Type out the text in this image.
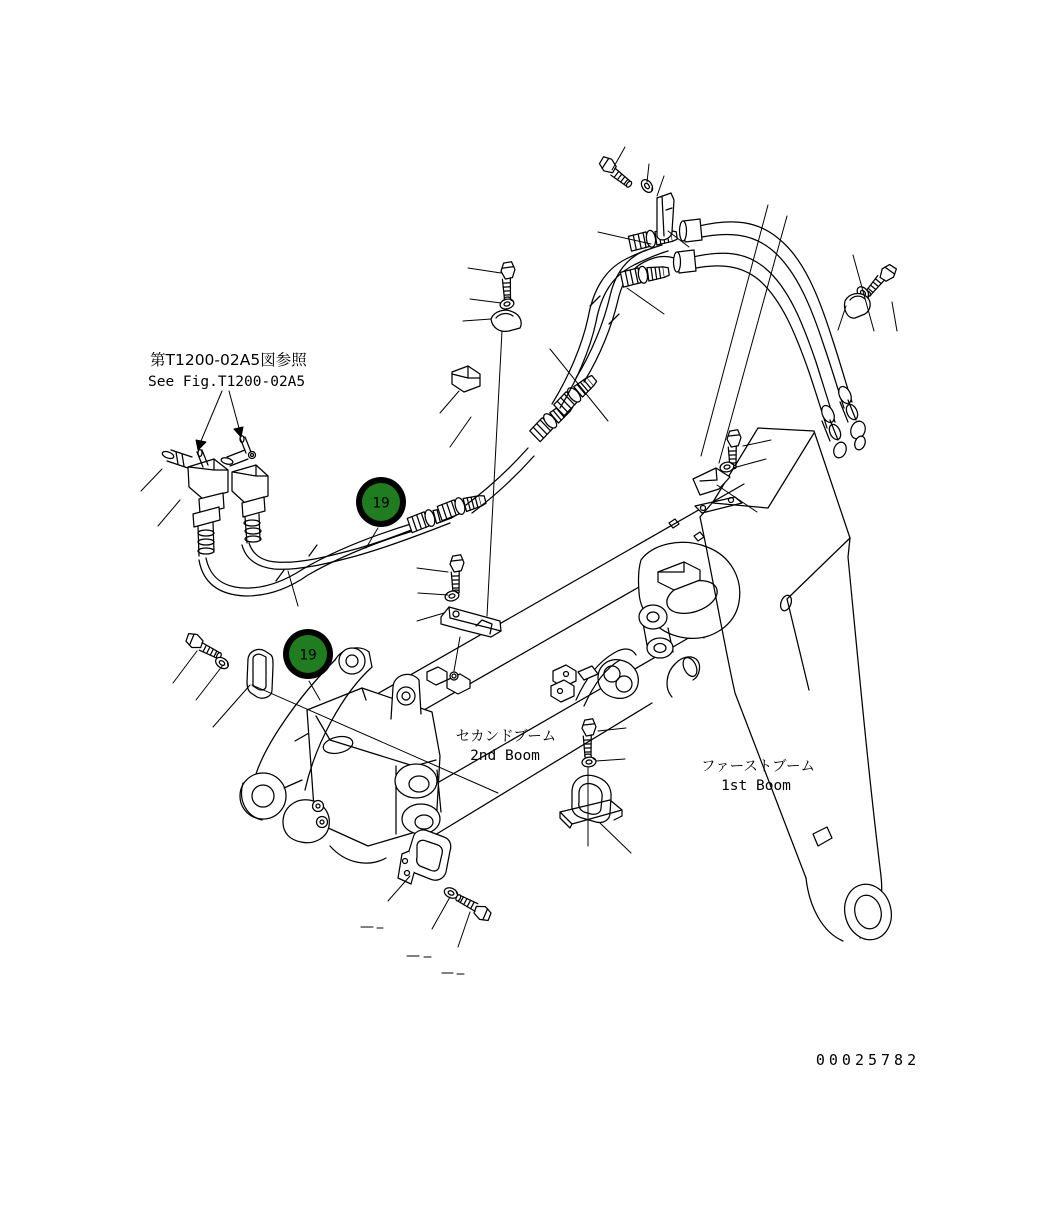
19
19
第T1200-02A5図参照
See Fig.T1200-02A5
セカンドブーム
2nd Boom
ファーストブーム
1st Boom
00025782
